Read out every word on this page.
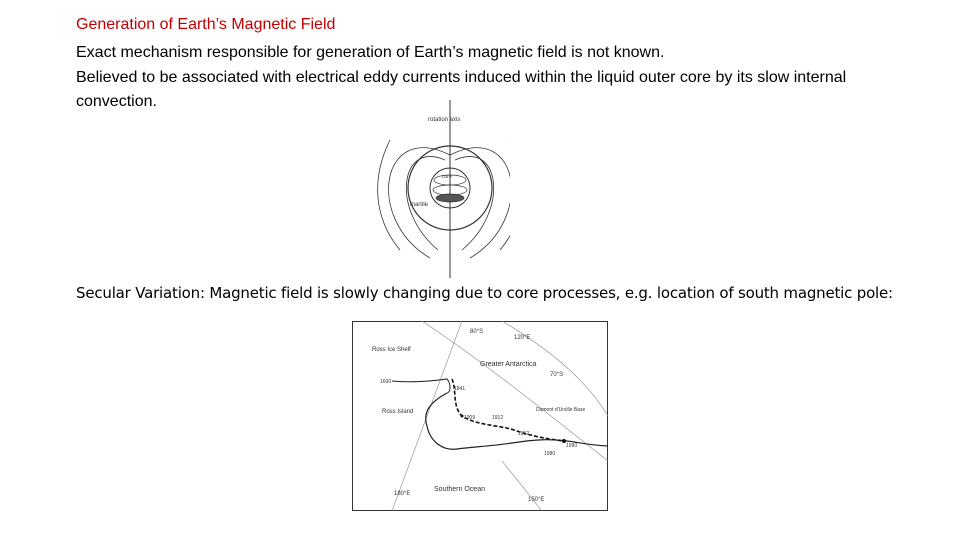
Generation of Earth’s Magnetic Field
Exact mechanism responsible for generation of Earth’s magnetic field is not known.
Believed to be associated with electrical eddy currents induced within the liquid outer core by its slow internal convection.
rotation axis
core
mantle
Secular Variation: Magnetic field is slowly changing due to core processes, e.g. location of south magnetic pole:
80°S
120°E
70°S
Ross Ice Shelf
Greater Antarctica
1600
1841
Ross Island
1909	1912
Dumont d'Urville Base
1952
1990
1980
Southern Ocean
150°E
180°E
